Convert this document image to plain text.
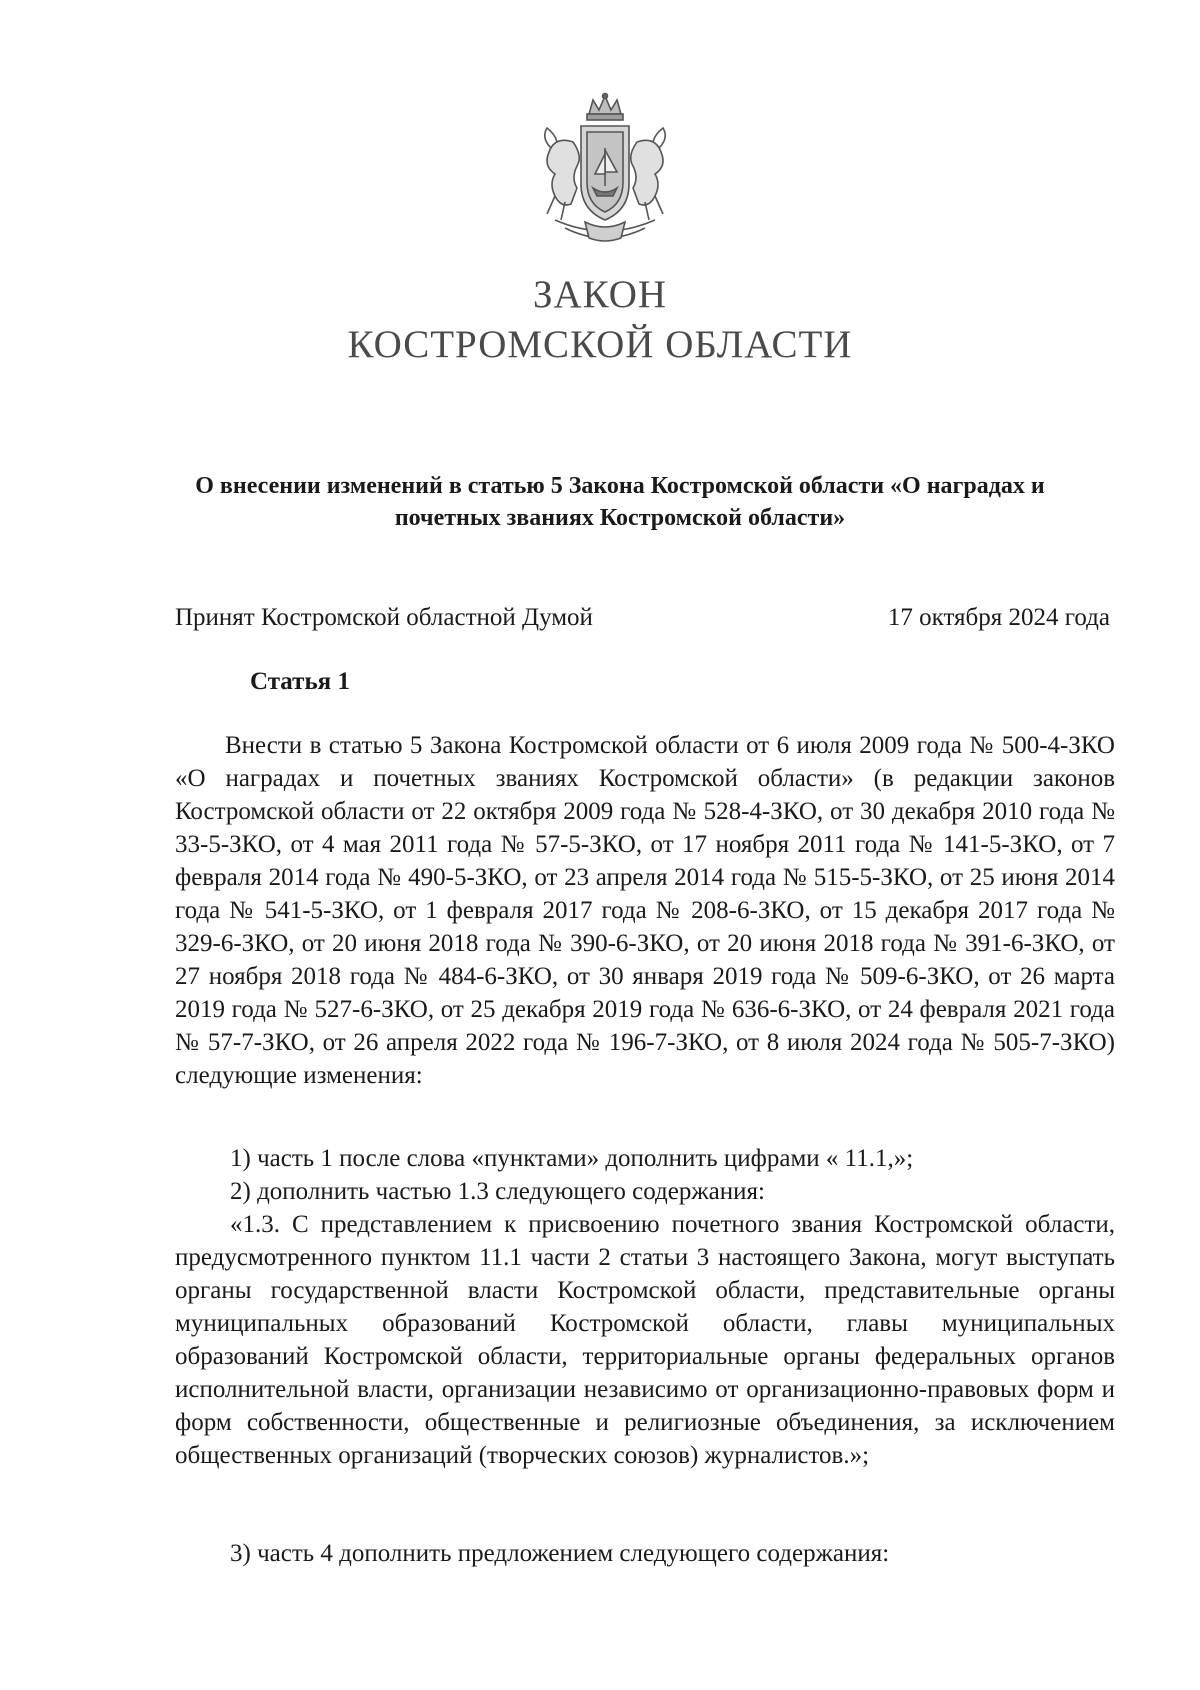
ЗАКОН
КОСТРОМСКОЙ ОБЛАСТИ
О внесении изменений в статью 5 Закона Костромской области «О наградах и почетных званиях Костромской области»
Принят Костромской областной Думой	17 октября 2024 года
Статья 1
Внести в статью 5 Закона Костромской области от 6 июля 2009 года № 500-4-ЗКО «О наградах и почетных званиях Костромской области» (в редакции законов Костромской области от 22 октября 2009 года № 528-4-ЗКО, от 30 декабря 2010 года № 33-5-ЗКО, от 4 мая 2011 года № 57-5-ЗКО, от 17 ноября 2011 года № 141-5-ЗКО, от 7 февраля 2014 года № 490-5-ЗКО, от 23 апреля 2014 года № 515-5-ЗКО, от 25 июня 2014 года № 541-5-ЗКО, от 1 февраля 2017 года № 208-6-ЗКО, от 15 декабря 2017 года № 329-6-ЗКО, от 20 июня 2018 года № 390-6-ЗКО, от 20 июня 2018 года № 391-6-ЗКО, от 27 ноября 2018 года № 484-6-ЗКО, от 30 января 2019 года № 509-6-ЗКО, от 26 марта 2019 года № 527-6-ЗКО, от 25 декабря 2019 года № 636-6-ЗКО, от 24 февраля 2021 года № 57-7-ЗКО, от 26 апреля 2022 года № 196-7-ЗКО, от 8 июля 2024 года № 505-7-ЗКО) следующие изменения:
1) часть 1 после слова «пунктами» дополнить цифрами « 11.1,»;
2) дополнить частью 1.3 следующего содержания:
«1.3. С представлением к присвоению почетного звания Костромской области, предусмотренного пунктом 11.1 части 2 статьи 3 настоящего Закона, могут выступать органы государственной власти Костромской области, представительные органы муниципальных образований Костромской области, главы муниципальных образований Костромской области, территориальные органы федеральных органов исполнительной власти, организации независимо от организационно-правовых форм и форм собственности, общественные и религиозные объединения, за исключением общественных организаций (творческих союзов) журналистов.»;
3) часть 4 дополнить предложением следующего содержания:
